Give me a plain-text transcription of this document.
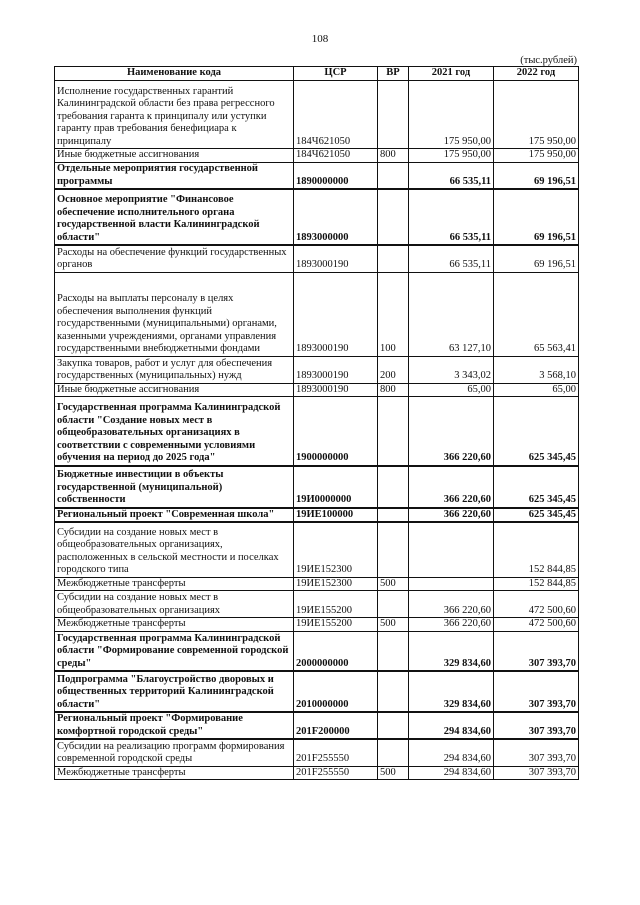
108
(тыс.рублей)
Наименование кода	ЦСР	ВР	2021 год	2022 год
Исполнение государственных гарантий Калининградской области без права регрессного требования гаранта к принципалу или уступки гаранту прав требования бенефициара к принципалу	184Ч621050		175 950,00	175 950,00
Иные бюджетные ассигнования	184Ч621050	800	175 950,00	175 950,00
Отдельные мероприятия государственной программы	1890000000		66 535,11	69 196,51
Основное мероприятие "Финансовое обеспечение исполнительного органа государственной власти Калининградской области"	1893000000		66 535,11	69 196,51
Расходы на обеспечение функций государственных органов	1893000190		66 535,11	69 196,51
Расходы на выплаты персоналу в целях обеспечения выполнения функций государственными (муниципальными) органами, казенными учреждениями, органами управления государственными внебюджетными фондами	1893000190	100	63 127,10	65 563,41
Закупка товаров, работ и услуг для обеспечения государственных (муниципальных) нужд	1893000190	200	3 343,02	3 568,10
Иные бюджетные ассигнования	1893000190	800	65,00	65,00
Государственная программа Калининградской области "Создание новых мест в общеобразовательных организациях в соответствии с современными условиями обучения на период до 2025 года"	1900000000		366 220,60	625 345,45
Бюджетные инвестиции в объекты государственной (муниципальной) собственности	19И0000000		366 220,60	625 345,45
Региональный проект "Современная школа"	19ИЕ100000		366 220,60	625 345,45
Субсидии на создание новых мест в общеобразовательных организациях, расположенных в сельской местности и поселках городского типа	19ИЕ152300			152 844,85
Межбюджетные трансферты	19ИЕ152300	500		152 844,85
Субсидии на создание новых мест в общеобразовательных организациях	19ИЕ155200		366 220,60	472 500,60
Межбюджетные трансферты	19ИЕ155200	500	366 220,60	472 500,60
Государственная программа Калининградской области "Формирование современной городской среды"	2000000000		329 834,60	307 393,70
Подпрограмма "Благоустройство дворовых и общественных территорий Калининградской области"	2010000000		329 834,60	307 393,70
Региональный проект "Формирование комфортной городской среды"	201F200000		294 834,60	307 393,70
Субсидии на реализацию программ формирования современной городской среды	201F255550		294 834,60	307 393,70
Межбюджетные трансферты	201F255550	500	294 834,60	307 393,70
